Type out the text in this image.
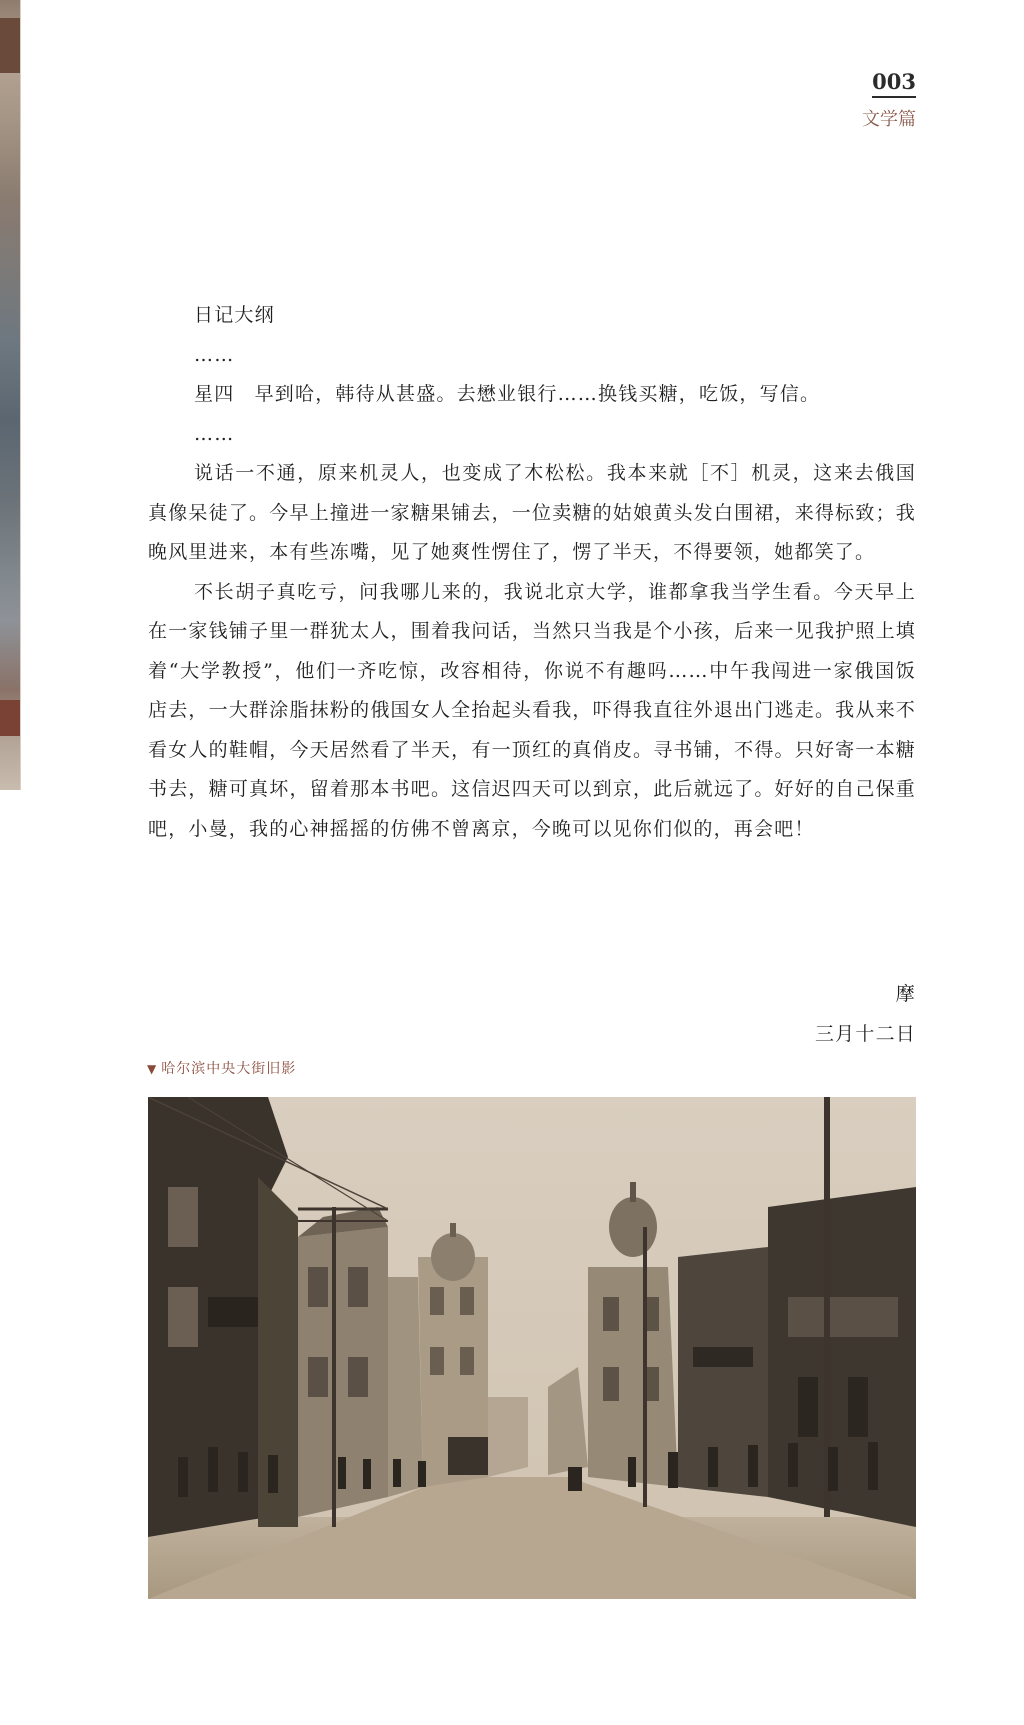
003
文学篇

日记大纲

……

星四　早到哈，韩待从甚盛。去懋业银行……换钱买糖，吃饭，写信。

……

说话一不通，原来机灵人，也变成了木松松。我本来就［不］机灵，这来去俄国真像呆徒了。今早上撞进一家糖果铺去，一位卖糖的姑娘黄头发白围裙，来得标致；我晚风里进来，本有些冻嘴，见了她爽性愣住了，愣了半天，不得要领，她都笑了。

不长胡子真吃亏，问我哪儿来的，我说北京大学，谁都拿我当学生看。今天早上在一家钱铺子里一群犹太人，围着我问话，当然只当我是个小孩，后来一见我护照上填着“大学教授”，他们一齐吃惊，改容相待，你说不有趣吗……中午我闯进一家俄国饭店去，一大群涂脂抹粉的俄国女人全抬起头看我，吓得我直往外退出门逃走。我从来不看女人的鞋帽，今天居然看了半天，有一顶红的真俏皮。寻书铺，不得。只好寄一本糖书去，糖可真坏，留着那本书吧。这信迟四天可以到京，此后就远了。好好的自己保重吧，小曼，我的心神摇摇的仿佛不曾离京，今晚可以见你们似的，再会吧！

摩
三月十二日
▼ 哈尔滨中央大街旧影
